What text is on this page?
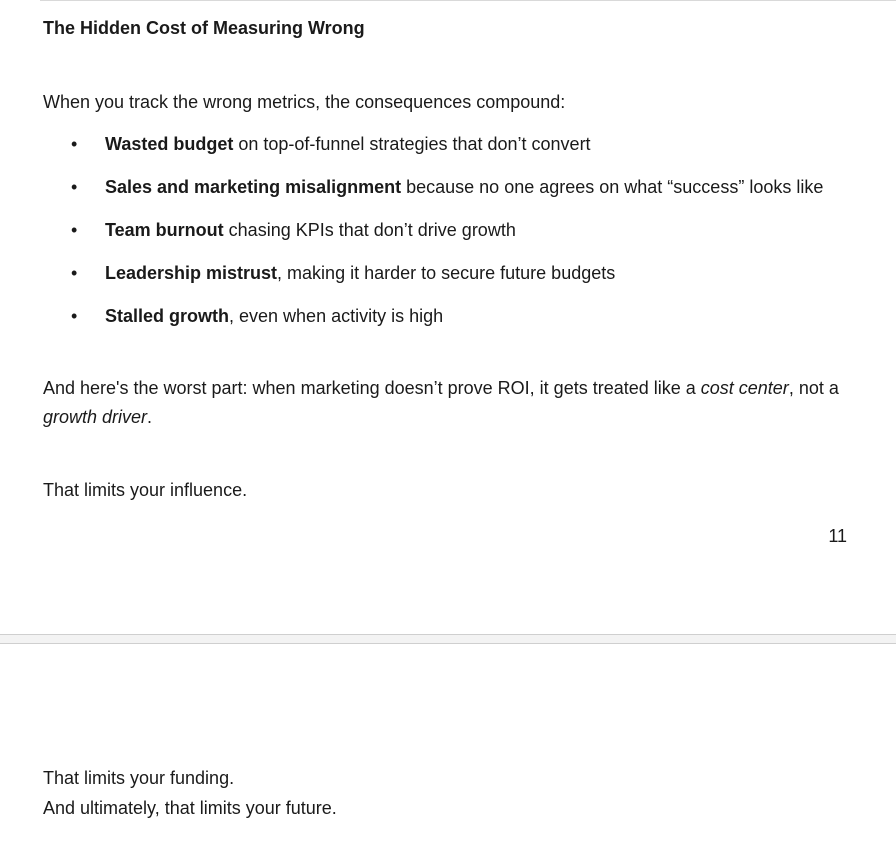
The Hidden Cost of Measuring Wrong

When you track the wrong metrics, the consequences compound:

• Wasted budget on top-of-funnel strategies that don’t convert
• Sales and marketing misalignment because no one agrees on what “success” looks like
• Team burnout chasing KPIs that don’t drive growth
• Leadership mistrust, making it harder to secure future budgets
• Stalled growth, even when activity is high

And here's the worst part: when marketing doesn’t prove ROI, it gets treated like a cost center, not a growth driver.

That limits your influence.

11

That limits your funding.

And ultimately, that limits your future.
